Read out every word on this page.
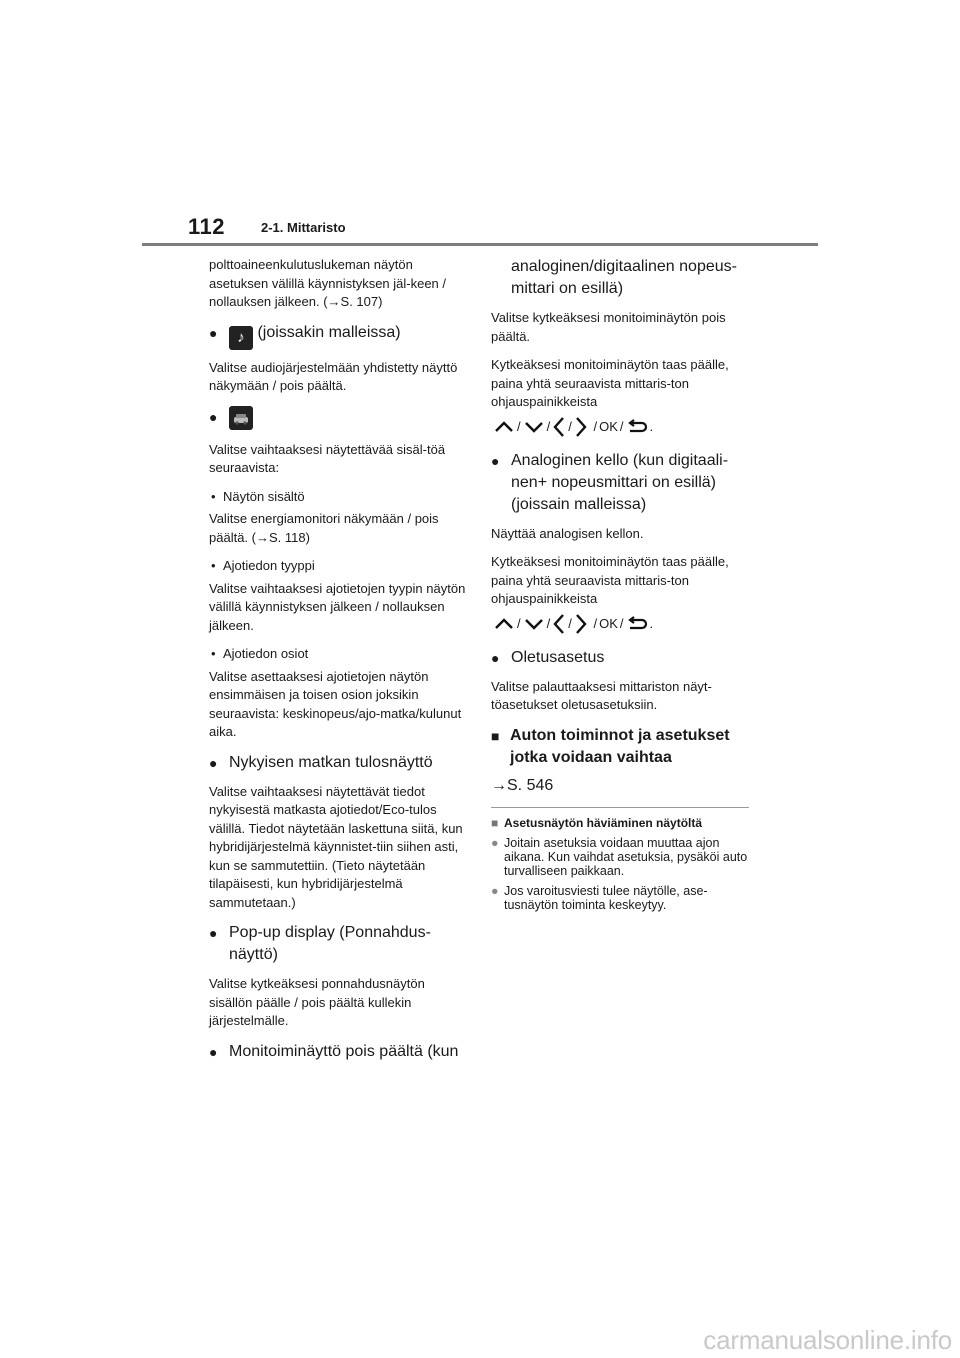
112	2-1. Mittaristo

polttoaineenkulutuslukeman näytön asetuksen välillä käynnistyksen jäl-keen / nollauksen jälkeen. (→S. 107)

● ♪ (joissakin malleissa)

Valitse audiojärjestelmään yhdistetty näyttö näkymään / pois päältä.

●

Valitse vaihtaaksesi näytettävää sisäl-töä seuraavista:

• Näytön sisältö

Valitse energiamonitori näkymään / pois päältä. (→S. 118)

• Ajotiedon tyyppi

Valitse vaihtaaksesi ajotietojen tyypin näytön välillä käynnistyksen jälkeen / nollauksen jälkeen.

• Ajotiedon osiot

Valitse asettaaksesi ajotietojen näytön ensimmäisen ja toisen osion joksikin seuraavista: keskinopeus/ajo-matka/kulunut aika.

● Nykyisen matkan tulosnäyttö

Valitse vaihtaaksesi näytettävät tiedot nykyisestä matkasta ajotiedot/Eco-tulos välillä. Tiedot näytetään laskettuna siitä, kun hybridijärjestelmä käynnistet-tiin siihen asti, kun se sammutettiin. (Tieto näytetään tilapäisesti, kun hybridijärjestelmä sammutetaan.)

● Pop-up display (Ponnahdus-
näyttö)

Valitse kytkeäksesi ponnahdusnäytön sisällön päälle / pois päältä kullekin järjestelmälle.

● Monitoiminäyttö pois päältä (kun
analoginen/digitaalinen nopeus-
mittari on esillä)

Valitse kytkeäksesi monitoiminäytön pois päältä.

Kytkeäksesi monitoiminäytön taas päälle, paina yhtä seuraavista mittaris-ton ohjauspainikkeista

/ / / / OK / .
● Analoginen kello (kun digitaali-
nen+ nopeusmittari on esillä)
(joissain malleissa)

Näyttää analogisen kellon.

Kytkeäksesi monitoiminäytön taas päälle, paina yhtä seuraavista mittaris-ton ohjauspainikkeista

/ / / / OK / .
● Oletusasetus

Valitse palauttaaksesi mittariston näyt-töasetukset oletusasetuksiin.

■ Auton toiminnot ja asetukset
jotka voidaan vaihtaa
→S. 546
■ Asetusnäytön häviäminen näytöltä
● Joitain asetuksia voidaan muuttaa ajon aikana. Kun vaihdat asetuksia, pysäköi auto turvalliseen paikkaan.
● Jos varoitusviesti tulee näytölle, ase-tusnäytön toiminta keskeytyy.
carmanualsonline.info
